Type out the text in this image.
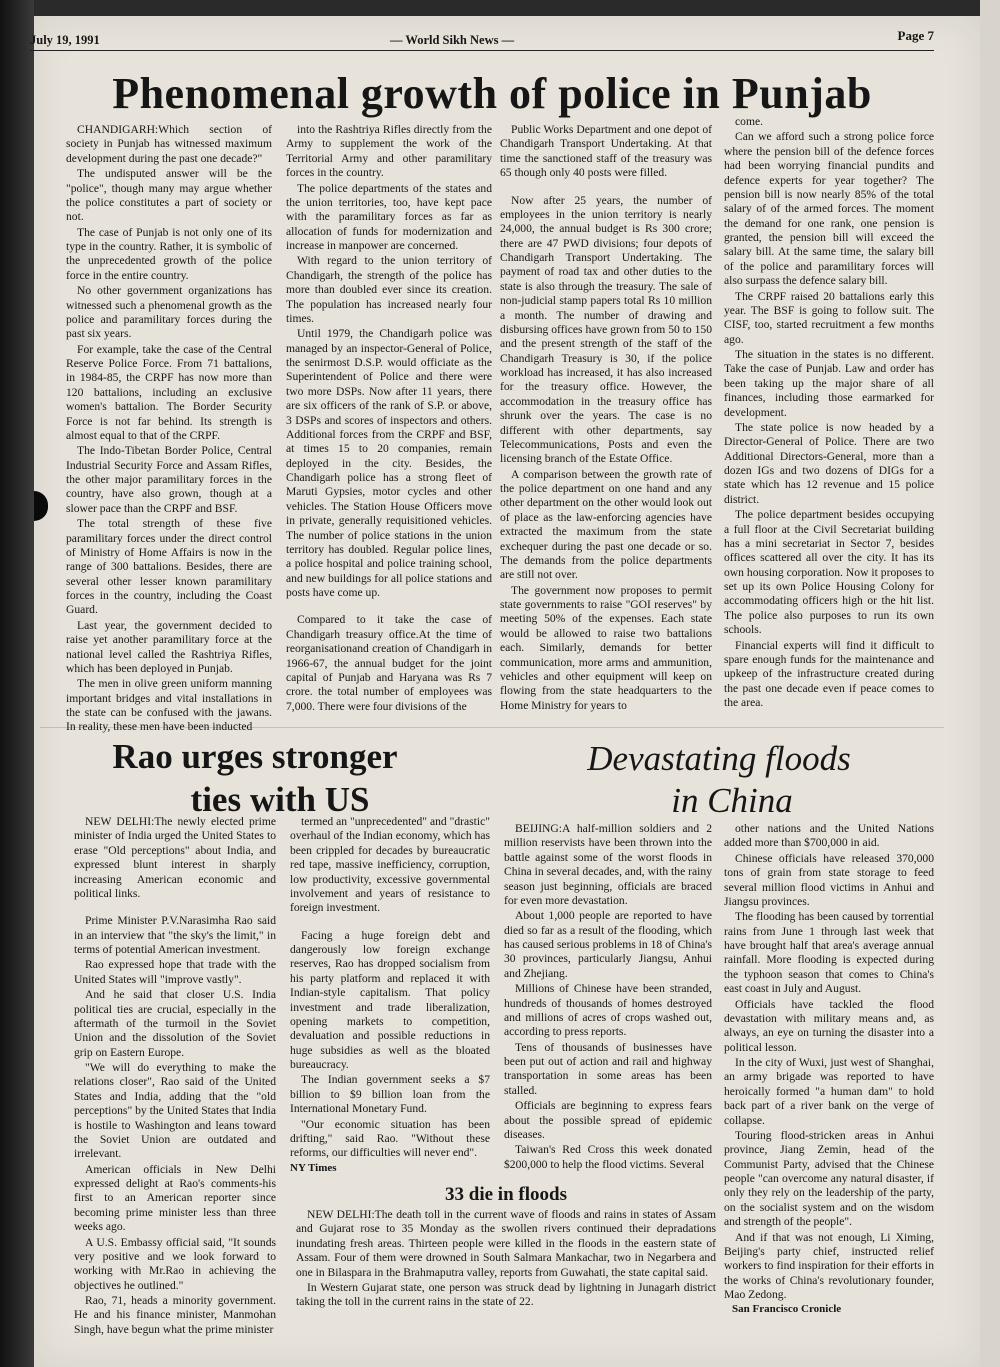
July 19, 1991	— World Sikh News —	Page 7
Phenomenal growth of police in Punjab

CHANDIGARH:Which section of society in Punjab has witnessed maximum development during the past one decade?"

The undisputed answer will be the "police", though many may argue whether the police constitutes a part of society or not.

The case of Punjab is not only one of its type in the country. Rather, it is symbolic of the unprecedented growth of the police force in the entire country.

No other government organizations has witnessed such a phenomenal growth as the police and paramilitary forces during the past six years.

For example, take the case of the Central Reserve Police Force. From 71 battalions, in 1984-85, the CRPF has now more than 120 battalions, including an exclusive women's battalion. The Border Security Force is not far behind. Its strength is almost equal to that of the CRPF.

The Indo-Tibetan Border Police, Central Industrial Security Force and Assam Rifles, the other major paramilitary forces in the country, have also grown, though at a slower pace than the CRPF and BSF.

The total strength of these five paramilitary forces under the direct control of Ministry of Home Affairs is now in the range of 300 battalions. Besides, there are several other lesser known paramilitary forces in the country, including the Coast Guard.

Last year, the government decided to raise yet another paramilitary force at the national level called the Rashtriya Rifles, which has been deployed in Punjab.

The men in olive green uniform manning important bridges and vital installations in the state can be confused with the jawans. In reality, these men have been inducted

into the Rashtriya Rifles directly from the Army to supplement the work of the Territorial Army and other paramilitary forces in the country.

The police departments of the states and the union territories, too, have kept pace with the paramilitary forces as far as allocation of funds for modernization and increase in manpower are concerned.

With regard to the union territory of Chandigarh, the strength of the police has more than doubled ever since its creation. The population has increased nearly four times.

Until 1979, the Chandigarh police was managed by an inspector-General of Police, the senirmost D.S.P. would officiate as the Superintendent of Police and there were two more DSPs. Now after 11 years, there are six officers of the rank of S.P. or above, 3 DSPs and scores of inspectors and others. Additional forces from the CRPF and BSF, at times 15 to 20 companies, remain deployed in the city. Besides, the Chandigarh police has a strong fleet of Maruti Gypsies, motor cycles and other vehicles. The Station House Officers move in private, generally requisitioned vehicles. The number of police stations in the union territory has doubled. Regular police lines, a police hospital and police training school, and new buildings for all police stations and posts have come up.

Compared to it take the case of Chandigarh treasury office.At the time of reorganisationand creation of Chandigarh in 1966-67, the annual budget for the joint capital of Punjab and Haryana was Rs 7 crore. the total number of employees was 7,000. There were four divisions of the

Public Works Department and one depot of Chandigarh Transport Undertaking. At that time the sanctioned staff of the treasury was 65 though only 40 posts were filled.

Now after 25 years, the number of employees in the union territory is nearly 24,000, the annual budget is Rs 300 crore; there are 47 PWD divisions; four depots of Chandigarh Transport Undertaking. The payment of road tax and other duties to the state is also through the treasury. The sale of non-judicial stamp papers total Rs 10 million a month. The number of drawing and disbursing offices have grown from 50 to 150 and the present strength of the staff of the Chandigarh Treasury is 30, if the police workload has increased, it has also increased for the treasury office. However, the accommodation in the treasury office has shrunk over the years. The case is no different with other departments, say Telecommunications, Posts and even the licensing branch of the Estate Office.

A comparison between the growth rate of the police department on one hand and any other department on the other would look out of place as the law-enforcing agencies have extracted the maximum from the state exchequer during the past one decade or so. The demands from the police departments are still not over.

The government now proposes to permit state governments to raise "GOI reserves" by meeting 50% of the expenses. Each state would be allowed to raise two battalions each. Similarly, demands for better communication, more arms and ammunition, vehicles and other equipment will keep on flowing from the state headquarters to the Home Ministry for years to

come.

Can we afford such a strong police force where the pension bill of the defence forces had been worrying financial pundits and defence experts for year together? The pension bill is now nearly 85% of the total salary of of the armed forces. The moment the demand for one rank, one pension is granted, the pension bill will exceed the salary bill. At the same time, the salary bill of the police and paramilitary forces will also surpass the defence salary bill.

The CRPF raised 20 battalions early this year. The BSF is going to follow suit. The CISF, too, started recruitment a few months ago.

The situation in the states is no different. Take the case of Punjab. Law and order has been taking up the major share of all finances, including those earmarked for development.

The state police is now headed by a Director-General of Police. There are two Additional Directors-General, more than a dozen IGs and two dozens of DIGs for a state which has 12 revenue and 15 police district.

The police department besides occupying a full floor at the Civil Secretariat building has a mini secretariat in Sector 7, besides offices scattered all over the city. It has its own housing corporation. Now it proposes to set up its own Police Housing Colony for accommodating officers high or the hit list. The police also purposes to run its own schools.

Financial experts will find it difficult to spare enough funds for the maintenance and upkeep of the infrastructure created during the past one decade even if peace comes to the area.

Rao urges stronger
ties with US

NEW DELHI:The newly elected prime minister of India urged the United States to erase "Old perceptions" about India, and expressed blunt interest in sharply increasing American economic and political links.

Prime Minister P.V.Narasimha Rao said in an interview that "the sky's the limit," in terms of potential American investment.

Rao expressed hope that trade with the United States will "improve vastly".

And he said that closer U.S. India political ties are crucial, especially in the aftermath of the turmoil in the Soviet Union and the dissolution of the Soviet grip on Eastern Europe.

"We will do everything to make the relations closer", Rao said of the United States and India, adding that the "old perceptions" by the United States that India is hostile to Washington and leans toward the Soviet Union are outdated and irrelevant.

American officials in New Delhi expressed delight at Rao's comments-his first to an American reporter since becoming prime minister less than three weeks ago.

A U.S. Embassy official said, "It sounds very positive and we look forward to working with Mr.Rao in achieving the objectives he outlined."

Rao, 71, heads a minority government. He and his finance minister, Manmohan Singh, have begun what the prime minister

termed an "unprecedented" and "drastic" overhaul of the Indian economy, which has been crippled for decades by bureaucratic red tape, massive inefficiency, corruption, low productivity, excessive governmental involvement and years of resistance to foreign investment.

Facing a huge foreign debt and dangerously low foreign exchange reserves, Rao has dropped socialism from his party platform and replaced it with Indian-style capitalism. That policy investment and trade liberalization, opening markets to competition, devaluation and possible reductions in huge subsidies as well as the bloated bureaucracy.

The Indian government seeks a $7 billion to $9 billion loan from the International Monetary Fund.

"Our economic situation has been drifting," said Rao. "Without these reforms, our difficulties will never end".

NY Times
Devastating floods
in China

BEIJING:A half-million soldiers and 2 million reservists have been thrown into the battle against some of the worst floods in China in several decades, and, with the rainy season just beginning, officials are braced for even more devastation.

About 1,000 people are reported to have died so far as a result of the flooding, which has caused serious problems in 18 of China's 30 provinces, particularly Jiangsu, Anhui and Zhejiang.

Millions of Chinese have been stranded, hundreds of thousands of homes destroyed and millions of acres of crops washed out, according to press reports.

Tens of thousands of businesses have been put out of action and rail and highway transportation in some areas has been stalled.

Officials are beginning to express fears about the possible spread of epidemic diseases.

Taiwan's Red Cross this week donated $200,000 to help the flood victims. Several

other nations and the United Nations added more than $700,000 in aid.

Chinese officials have released 370,000 tons of grain from state storage to feed several million flood victims in Anhui and Jiangsu provinces.

The flooding has been caused by torrential rains from June 1 through last week that have brought half that area's average annual rainfall. More flooding is expected during the typhoon season that comes to China's east coast in July and August.

Officials have tackled the flood devastation with military means and, as always, an eye on turning the disaster into a political lesson.

In the city of Wuxi, just west of Shanghai, an army brigade was reported to have heroically formed "a human dam" to hold back part of a river bank on the verge of collapse.

Touring flood-stricken areas in Anhui province, Jiang Zemin, head of the Communist Party, advised that the Chinese people "can overcome any natural disaster, if only they rely on the leadership of the party, on the socialist system and on the wisdom and strength of the people".

And if that was not enough, Li Ximing, Beijing's party chief, instructed relief workers to find inspiration for their efforts in the works of China's revolutionary founder, Mao Zedong.

San Francisco Cronicle
33 die in floods

NEW DELHI:The death toll in the current wave of floods and rains in states of Assam and Gujarat rose to 35 Monday as the swollen rivers continued their depradations inundating fresh areas. Thirteen people were killed in the floods in the eastern state of Assam. Four of them were drowned in South Salmara Mankachar, two in Negarbera and one in Bilaspara in the Brahmaputra valley, reports from Guwahati, the state capital said.

In Western Gujarat state, one person was struck dead by lightning in Junagarh district taking the toll in the current rains in the state of 22.
